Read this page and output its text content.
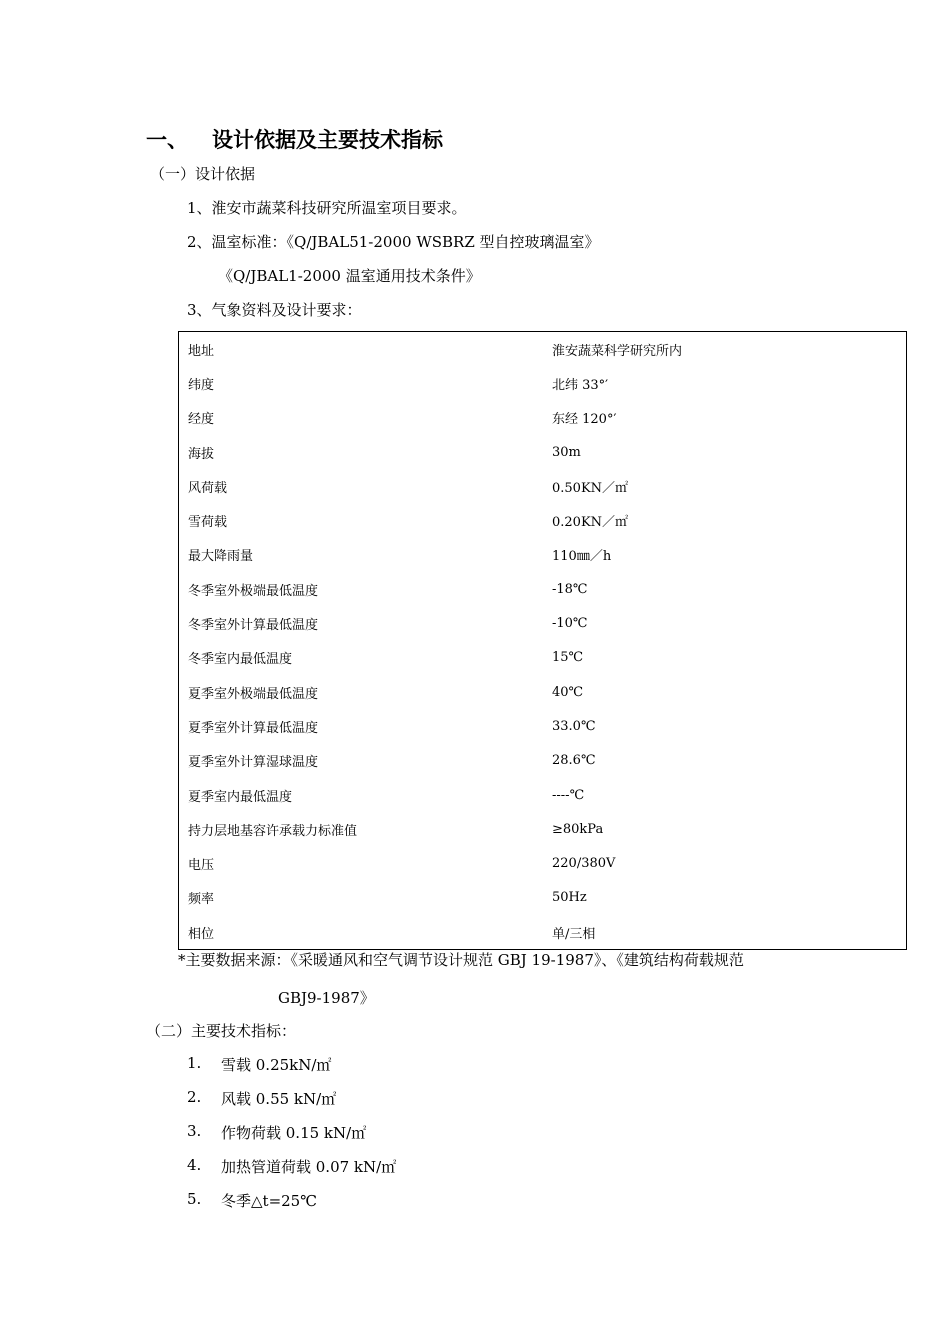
一、 设计依据及主要技术指标
（一）设计依据
1、淮安市蔬菜科技研究所温室项目要求。
2、温室标准：《Q/JBAL51-2000 WSBRZ 型自控玻璃温室》
《Q/JBAL1-2000 温室通用技术条件》
3、气象资料及设计要求：
地址	淮安蔬菜科学研究所内
纬度	北纬 33°′
经度	东经 120°′
海拔	30m
风荷载	0.50KN／㎡
雪荷载	0.20KN／㎡
最大降雨量	110㎜／h
冬季室外极端最低温度	-18℃
冬季室外计算最低温度	-10℃
冬季室内最低温度	15℃
夏季室外极端最低温度	40℃
夏季室外计算最低温度	33.0℃
夏季室外计算湿球温度	28.6℃
夏季室内最低温度	----℃
持力层地基容许承载力标准值	≥80kPa
电压	220/380V
频率	50Hz
相位	单/三相
*主要数据来源：《采暖通风和空气调节设计规范 GBJ 19-1987》、《建筑结构荷载规范
GBJ9-1987》
（二）主要技术指标：
1. 雪载 0.25kN/㎡
2. 风载 0.55 kN/㎡
3. 作物荷载 0.15 kN/㎡
4. 加热管道荷载 0.07 kN/㎡
5. 冬季△t=25℃
